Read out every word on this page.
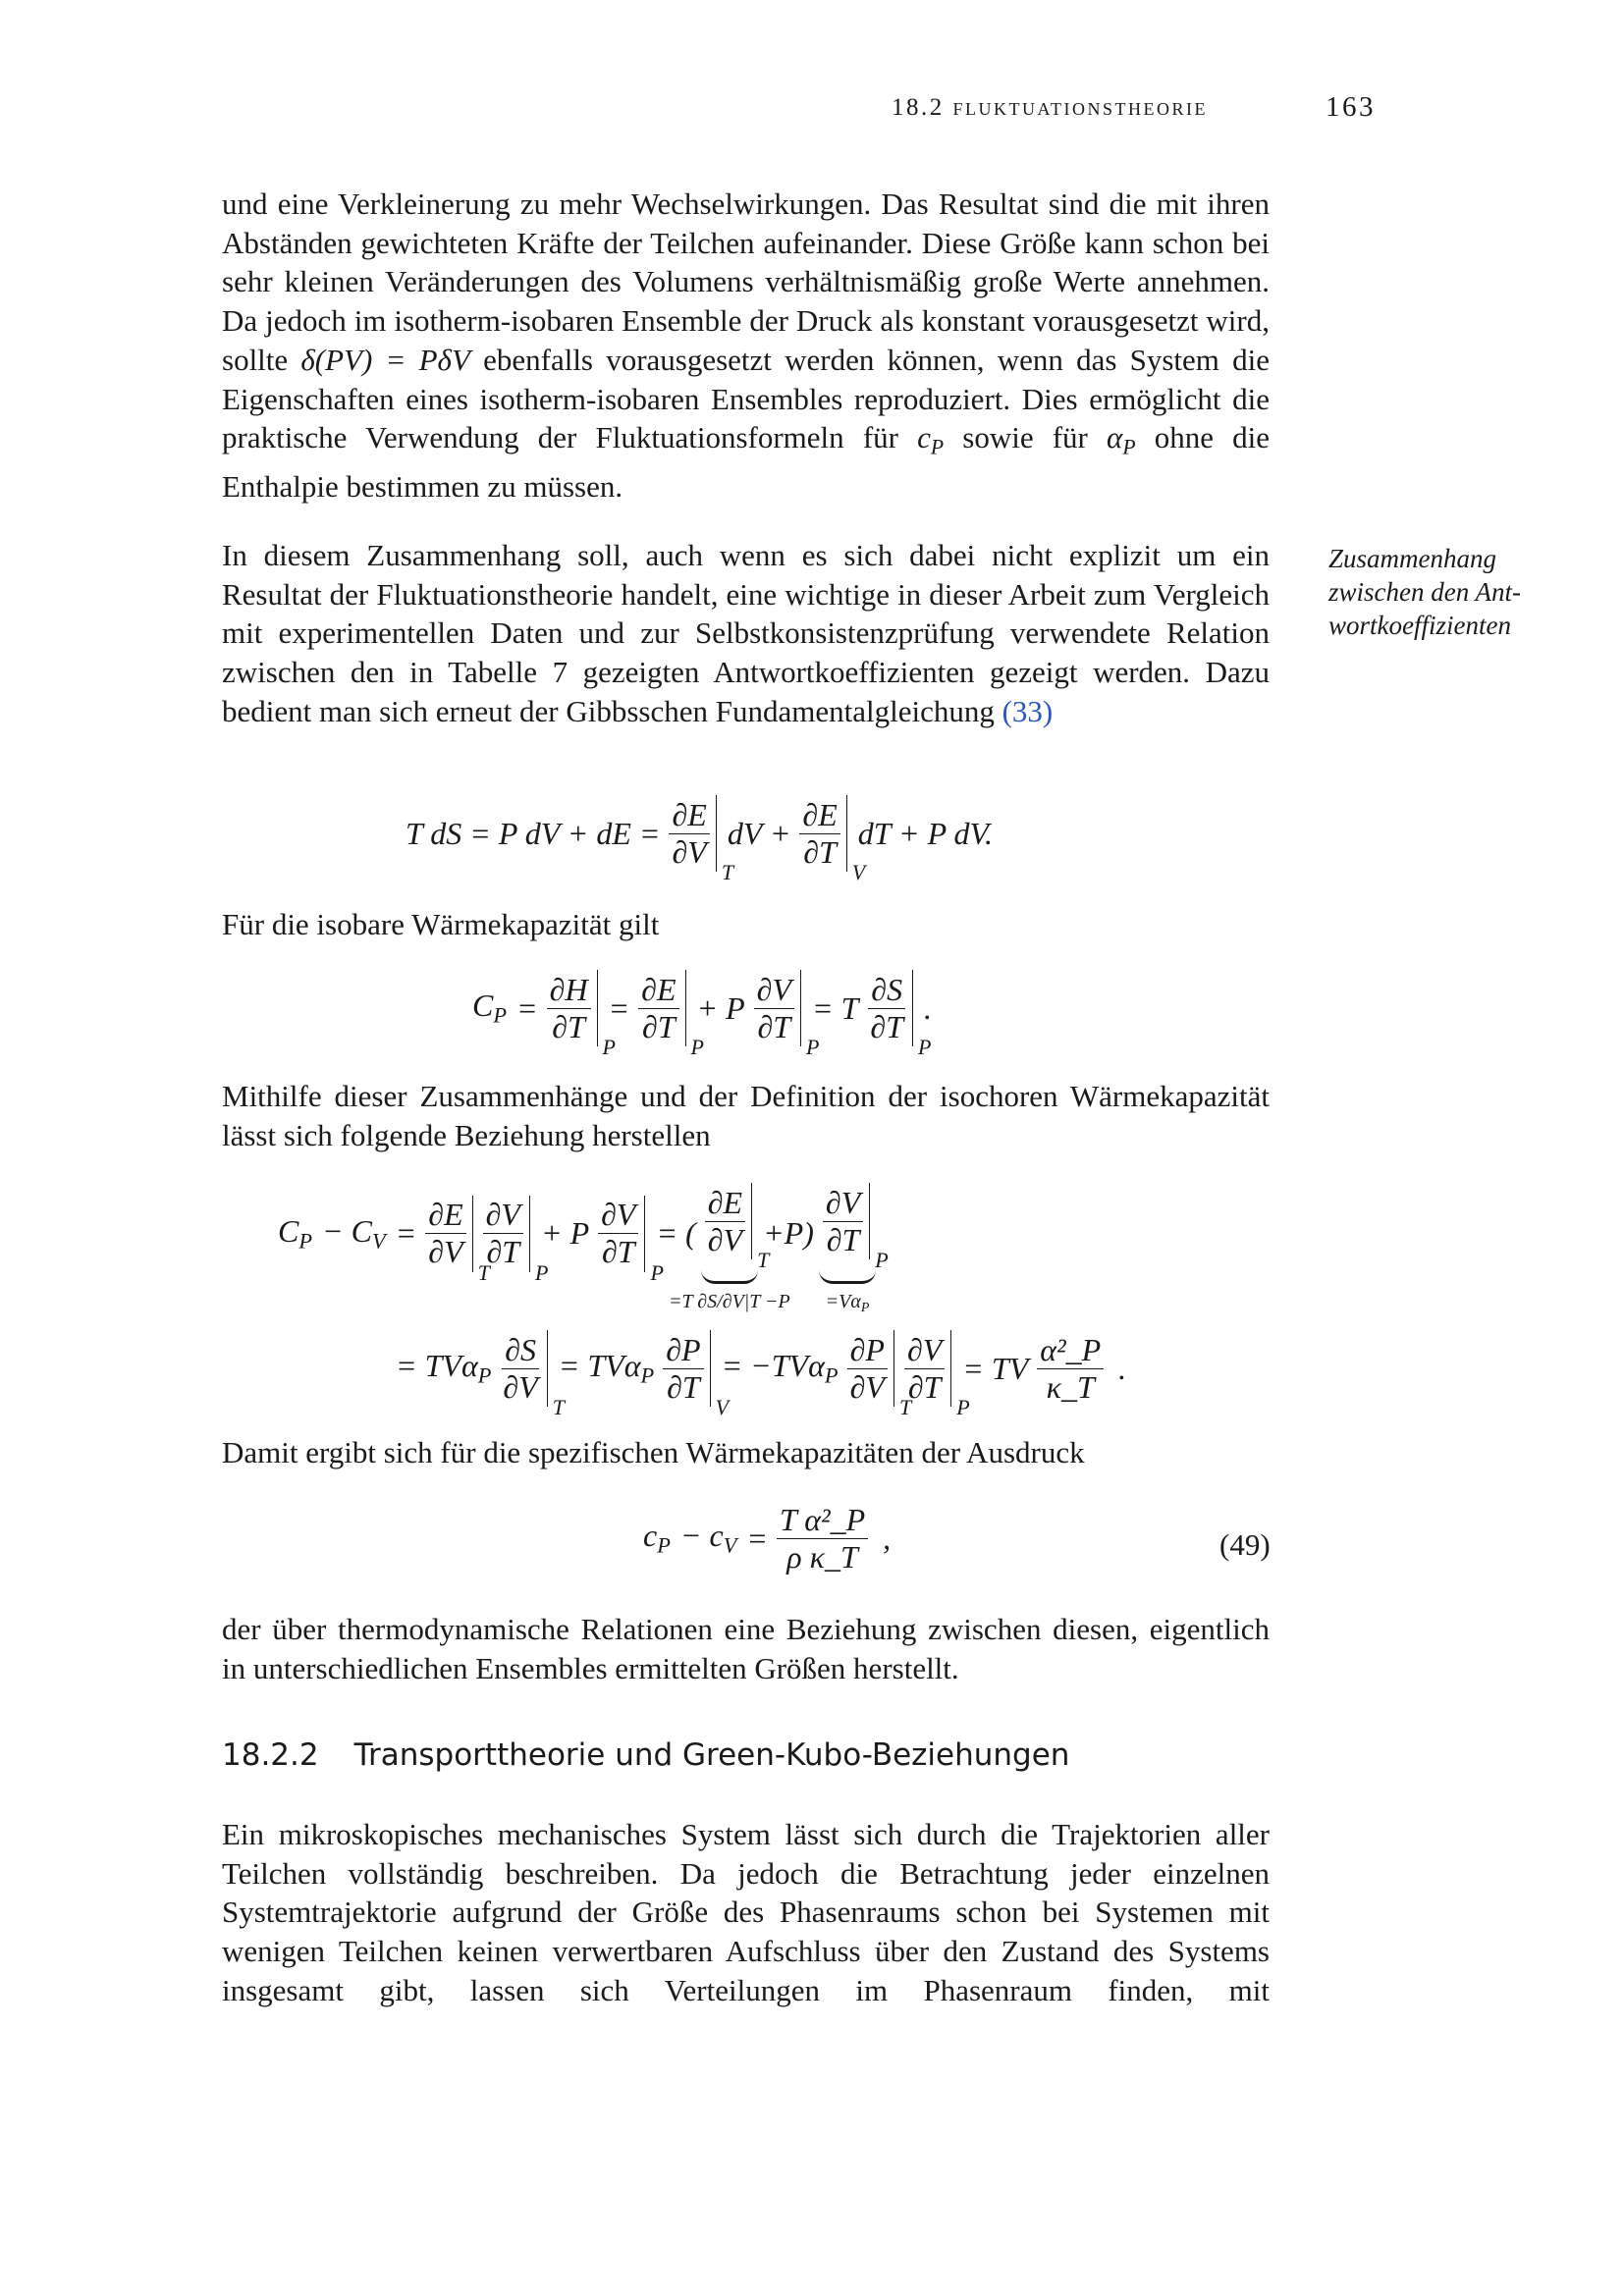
18.2 fluktuationstheorie	163
und eine Verkleinerung zu mehr Wechselwirkungen. Das Resultat sind die mit ihren Abständen gewichteten Kräfte der Teilchen aufeinander. Diese Größe kann schon bei sehr kleinen Veränderungen des Volumens verhältnismäßig große Werte annehmen. Da jedoch im isotherm-isobaren Ensemble der Druck als konstant vorausgesetzt wird, sollte δ(PV) = PδV ebenfalls vorausgesetzt werden können, wenn das System die Eigenschaften eines isotherm-isobaren Ensembles reproduziert. Dies ermöglicht die praktische Verwendung der Fluktuationsformeln für $c_P$ sowie für $\alpha_P$ ohne die Enthalpie bestimmen zu müssen.
In diesem Zusammenhang soll, auch wenn es sich dabei nicht explizit um ein Resultat der Fluktuationstheorie handelt, eine wichtige in dieser Arbeit zum Vergleich mit experimentellen Daten und zur Selbstkonsistenzprüfung verwendete Relation zwischen den in Tabelle 7 gezeigten Antwortkoeffizienten gezeigt werden. Dazu bedient man sich erneut der Gibbsschen Fundamentalgleichung (33)
Zusammenhang zwischen den Antwortkoeffizienten
T dS = P dV + dE = $\frac{\partial E}{\partial V}$
T
dV + $\frac{\partial E}{\partial T}$
V
dT + P dV.
Für die isobare Wärmekapazität gilt
$C_P = \frac{\partial H}{\partial T}$
P
= $\frac{\partial E}{\partial T}$
P
+ P $\frac{\partial V}{\partial T}$
P
= T $\frac{\partial S}{\partial T}$
P
.
Mithilfe dieser Zusammenhänge und der Definition der isochoren Wärmekapazität lässt sich folgende Beziehung herstellen
$C_P - C_V = \frac{\partial E}{\partial V}$
T
$\frac{\partial V}{\partial T}$
P
+ P $\frac{\partial V}{\partial T}$
P
= ( $\frac{\partial E}{\partial V}$
T
=T ∂S/∂V|T −P
$+P) \frac{\partial V}{\partial T}$
P
$=V\alpha_P$
= $TV\alpha_P \frac{\partial S}{\partial V}$
T
= $TV\alpha_P \frac{\partial P}{\partial T}$
V
= $-TV\alpha_P \frac{\partial P}{\partial V}$
T
$\frac{\partial V}{\partial T}$
P
= TV $\frac{\text{α²\_P}}{\kappa\_T}$ .
Damit ergibt sich für die spezifischen Wärmekapazitäten der Ausdruck
$c_P - c_V = \frac{\text{T α²\_P}}{\text{ρ κ\_T}}$ ,	(49)
der über thermodynamische Relationen eine Beziehung zwischen diesen, eigentlich in unterschiedlichen Ensembles ermittelten Größen herstellt.
18.2.2 Transporttheorie und Green-Kubo-Beziehungen
Ein mikroskopisches mechanisches System lässt sich durch die Trajektorien aller Teilchen vollständig beschreiben. Da jedoch die Betrachtung jeder einzelnen Systemtrajektorie aufgrund der Größe des Phasenraums schon bei Systemen mit wenigen Teilchen keinen verwertbaren Aufschluss über den Zustand des Systems insgesamt gibt, lassen sich Verteilungen im Phasenraum finden, mit
